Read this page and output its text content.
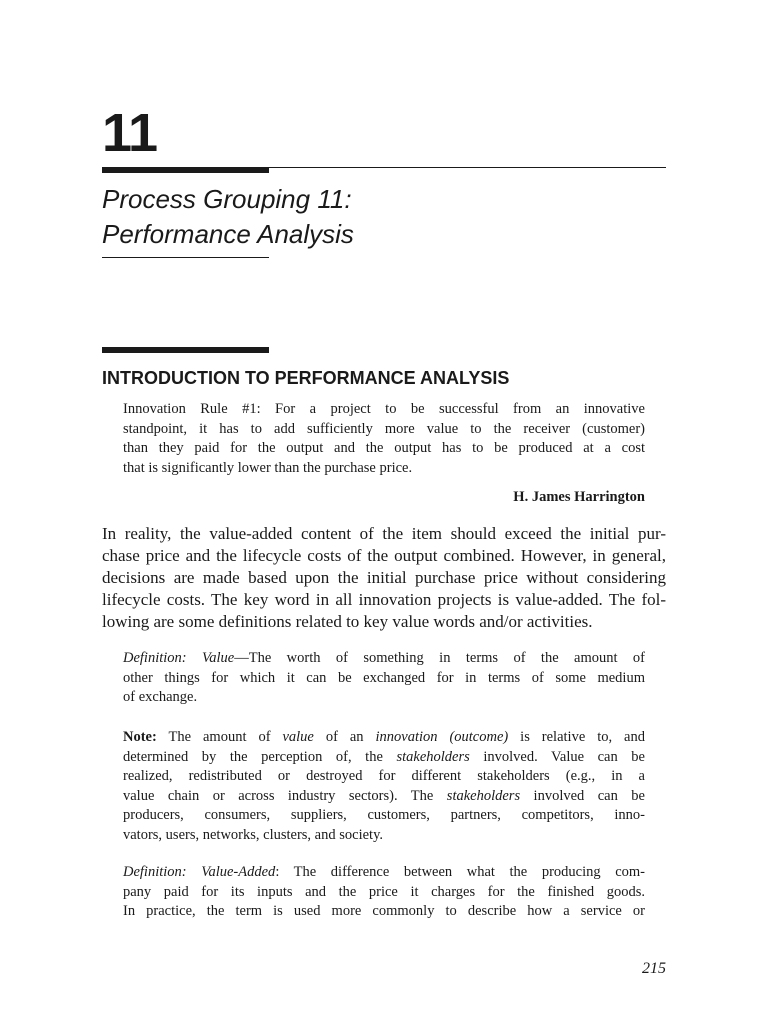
11
Process Grouping 11:
Performance Analysis
INTRODUCTION TO PERFORMANCE ANALYSIS
Innovation Rule #1: For a project to be successful from an innovative
standpoint, it has to add sufficiently more value to the receiver (customer)
than they paid for the output and the output has to be produced at a cost
that is significantly lower than the purchase price.
H. James Harrington
In reality, the value-added content of the item should exceed the initial pur-
chase price and the lifecycle costs of the output combined. However, in general,
decisions are made based upon the initial purchase price without considering
lifecycle costs. The key word in all innovation projects is value-added. The fol-
lowing are some definitions related to key value words and/or activities.
Definition: Value—The worth of something in terms of the amount of
other things for which it can be exchanged for in terms of some medium
of exchange.
Note: The amount of value of an innovation (outcome) is relative to, and
determined by the perception of, the stakeholders involved. Value can be
realized, redistributed or destroyed for different stakeholders (e.g., in a
value chain or across industry sectors). The stakeholders involved can be
producers, consumers, suppliers, customers, partners, competitors, inno-
vators, users, networks, clusters, and society.
Definition: Value-Added: The difference between what the producing com-
pany paid for its inputs and the price it charges for the finished goods.
In practice, the term is used more commonly to describe how a service or
215
